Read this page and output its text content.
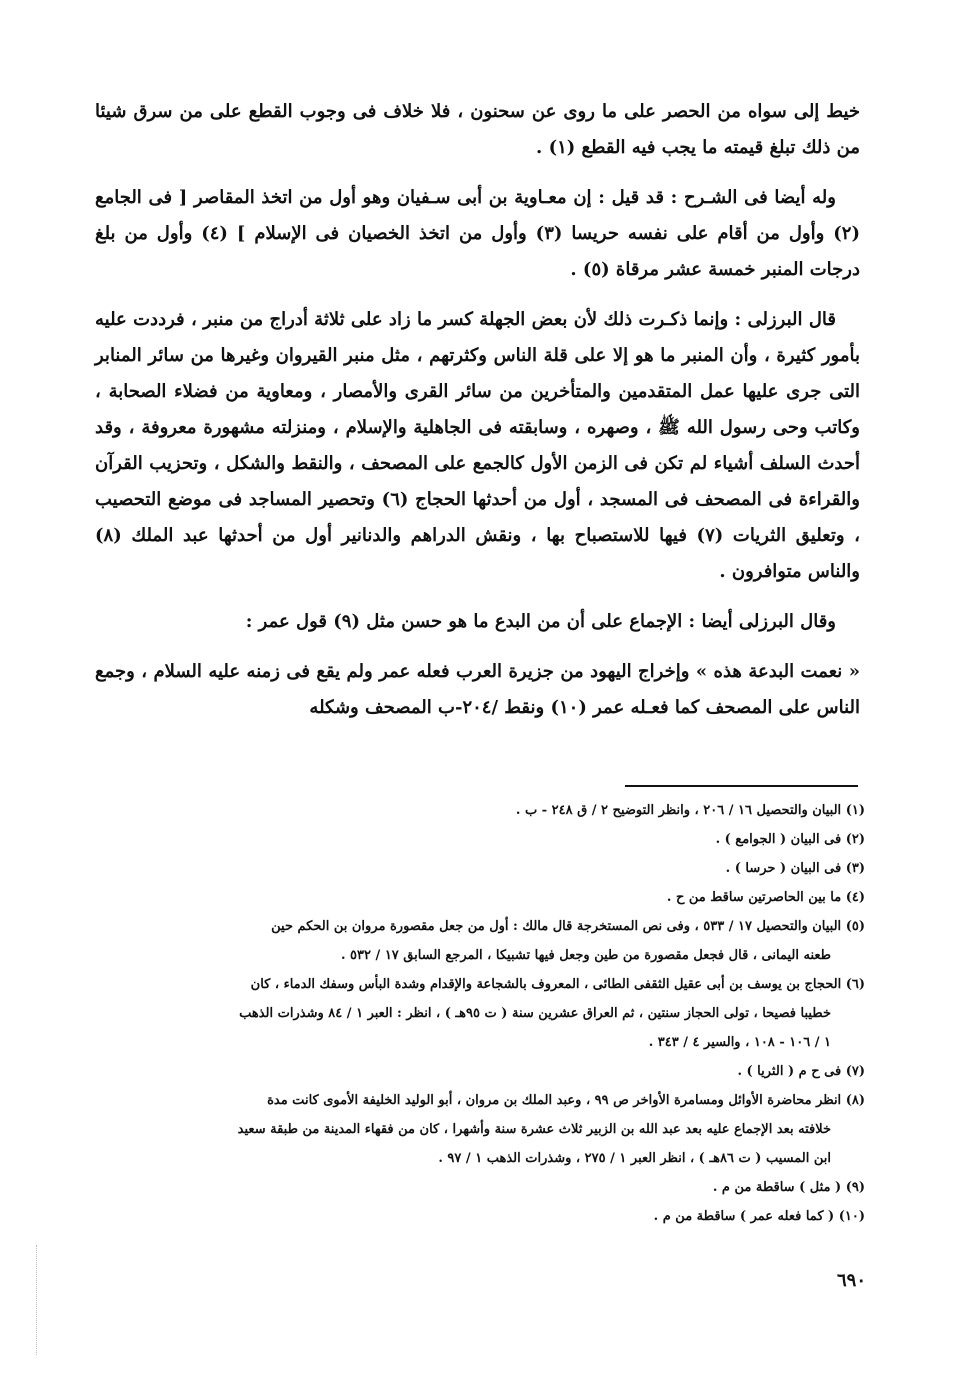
خيط إلى سواه من الحصر على ما روى عن سحنون ، فلا خلاف فى وجوب القطع على من سرق شيئا من ذلك تبلغ قيمته ما يجب فيه القطع (١) .

وله أيضا فى الشـرح : قد قيل : إن معـاوية بن أبى سـفيان وهو أول من اتخذ المقاصر [ فى الجامع (٢) وأول من أقام على نفسه حريسا (٣) وأول من اتخذ الخصيان فى الإسلام ] (٤) وأول من بلغ درجات المنبر خمسة عشر مرقاة (٥) .

قال البرزلى : وإنما ذكـرت ذلك لأن بعض الجهلة كسر ما زاد على ثلاثة أدراج من منبر ، فرددت عليه بأمور كثيرة ، وأن المنبر ما هو إلا على قلة الناس وكثرتهم ، مثل منبر القيروان وغيرها من سائر المنابر التى جرى عليها عمل المتقدمين والمتأخرين من سائر القرى والأمصار ، ومعاوية من فضلاء الصحابة ، وكاتب وحى رسول الله ﷺ ، وصهره ، وسابقته فى الجاهلية والإسلام ، ومنزلته مشهورة معروفة ، وقد أحدث السلف أشياء لم تكن فى الزمن الأول كالجمع على المصحف ، والنقط والشكل ، وتحزيب القرآن والقراءة فى المصحف فى المسجد ، أول من أحدثها الحجاج (٦) وتحصير المساجد فى موضع التحصيب ، وتعليق الثريات (٧) فيها للاستصباح بها ، ونقش الدراهم والدنانير أول من أحدثها عبد الملك (٨) والناس متوافرون .

وقال البرزلى أيضا : الإجماع على أن من البدع ما هو حسن مثل (٩) قول عمر :

« نعمت البدعة هذه » وإخراج اليهود من جزيرة العرب فعله عمر ولم يقع فى زمنه عليه السلام ، وجمع الناس على المصحف كما فعـله عمر (١٠) ونقط /٢٠٤-ب المصحف وشكله

(١) البيان والتحصيل ١٦ / ٢٠٦ ، وانظر التوضيح ٢ / ق ٢٤٨ - ب .
(٢) فى البيان ( الجوامع ) .
(٣) فى البيان ( حرسا ) .
(٤) ما بين الحاصرتين ساقط من ح .
(٥) البيان والتحصيل ١٧ / ٥٣٣ ، وفى نص المستخرجة قال مالك : أول من جعل مقصورة مروان بن الحكم حين
طعنه اليمانى ، قال فجعل مقصورة من طين وجعل فيها تشبيكا ، المرجع السابق ١٧ / ٥٣٢ .
(٦) الحجاج بن يوسف بن أبى عقيل الثقفى الطائى ، المعروف بالشجاعة والإقدام وشدة البأس وسفك الدماء ، كان
خطيبا فصيحا ، تولى الحجاز سنتين ، ثم العراق عشرين سنة ( ت ٩٥هـ ) ، انظر : العبر ١ / ٨٤ وشذرات الذهب
١ / ١٠٦ - ١٠٨ ، والسير ٤ / ٣٤٣ .
(٧) فى ح م ( الثريا ) .
(٨) انظر محاضرة الأوائل ومسامرة الأواخر ص ٩٩ ، وعبد الملك بن مروان ، أبو الوليد الخليفة الأموى كانت مدة
خلافته بعد الإجماع عليه بعد عبد الله بن الزبير ثلاث عشرة سنة وأشهرا ، كان من فقهاء المدينة من طبقة سعيد
ابن المسيب ( ت ٨٦هـ ) ، انظر العبر ١ / ٢٧٥ ، وشذرات الذهب ١ / ٩٧ .
(٩) ( مثل ) ساقطة من م .
(١٠) ( كما فعله عمر ) ساقطة من م .
٦٩٠
